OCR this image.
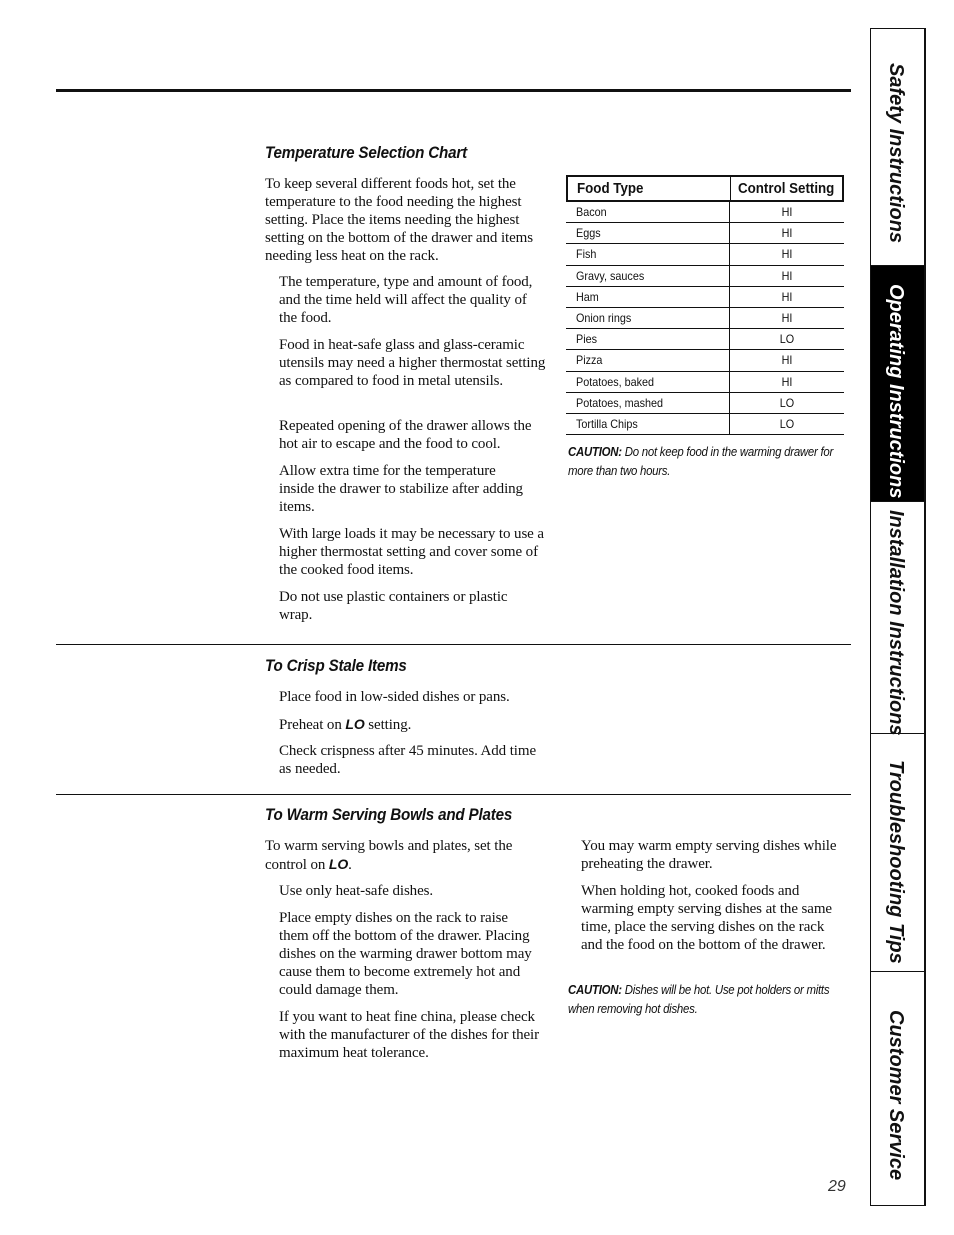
Temperature Selection Chart
To keep several different foods hot, set the temperature to the food needing the highest setting. Place the items needing the highest setting on the bottom of the drawer and items needing less heat on the rack.
The temperature, type and amount of food, and the time held will affect the quality of the food.
Food in heat-safe glass and glass-ceramic utensils may need a higher thermostat setting as compared to food in metal utensils.
Repeated opening of the drawer allows the hot air to escape and the food to cool.
Allow extra time for the temperature inside the drawer to stabilize after adding items.
With large loads it may be necessary to use a higher thermostat setting and cover some of the cooked food items.
Do not use plastic containers or plastic wrap.
Food Type	Control Setting
Bacon	HI
Eggs	HI
Fish	HI
Gravy, sauces	HI
Ham	HI
Onion rings	HI
Pies	LO
Pizza	HI
Potatoes, baked	HI
Potatoes, mashed	LO
Tortilla Chips	LO
CAUTION: Do not keep food in the warming drawer for more than two hours.
To Crisp Stale Items
Place food in low-sided dishes or pans.
Preheat on LO setting.
Check crispness after 45 minutes. Add time as needed.
To Warm Serving Bowls and Plates
To warm serving bowls and plates, set the control on LO.
Use only heat-safe dishes.
Place empty dishes on the rack to raise them off the bottom of the drawer. Placing dishes on the warming drawer bottom may cause them to become extremely hot and could damage them.
If you want to heat fine china, please check with the manufacturer of the dishes for their maximum heat tolerance.
You may warm empty serving dishes while preheating the drawer.
When holding hot, cooked foods and warming empty serving dishes at the same time, place the serving dishes on the rack and the food on the bottom of the drawer.
CAUTION: Dishes will be hot. Use pot holders or mitts when removing hot dishes.
Safety Instructions
Operating Instructions
Installation Instructions
Troubleshooting Tips
Customer Service
29
